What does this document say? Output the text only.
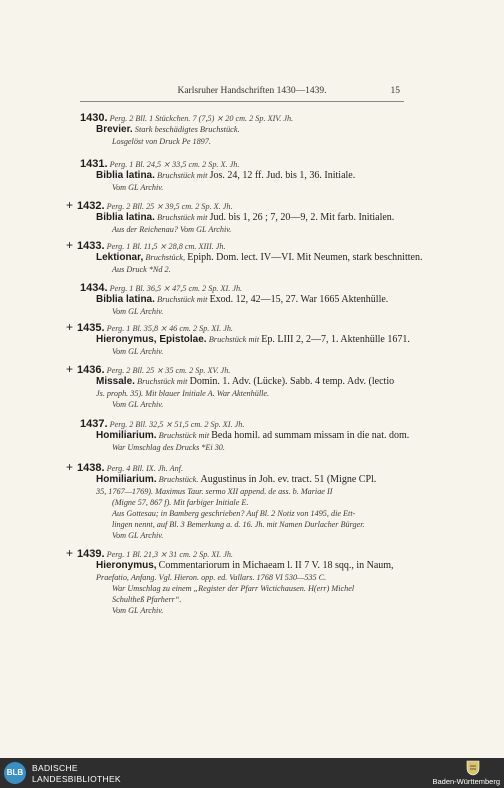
Karlsruher Handschriften 1430—1439.	15
1430. Perg. 2 Bll. 1 Stückchen. 7 (7,5) ⨯ 20 cm. 2 Sp. XIV. Jh.
Brevier. Stark beschädigtes Bruchstück.
Losgelöst von Druck Pe 1897.
1431. Perg. 1 Bl. 24,5 ⨯ 33,5 cm. 2 Sp. X. Jh.
Biblia latina. Bruchstück mit Jos. 24, 12 ff. Jud. bis 1, 36. Initiale.
Vom GL Archiv.
+ 1432. Perg. 2 Bll. 25 ⨯ 39,5 cm. 2 Sp. X. Jh.
Biblia latina. Bruchstück mit Jud. bis 1, 26 ; 7, 20—9, 2. Mit farb. Initialen.
Aus der Reichenau? Vom GL Archiv.
+ 1433. Perg. 1 Bl. 11,5 ⨯ 28,8 cm. XIII. Jh.
Lektionar, Bruchstück, Epiph. Dom. lect. IV—VI. Mit Neumen, stark beschnitten.
Aus Druck *Nd 2.
1434. Perg. 1 Bl. 36,5 ⨯ 47,5 cm. 2 Sp. XI. Jh.
Biblia latina. Bruchstück mit Exod. 12, 42—15, 27. War 1665 Aktenhülle.
Vom GL Archiv.
+ 1435. Perg. 1 Bl. 35,8 ⨯ 46 cm. 2 Sp. XI. Jh.
Hieronymus, Epistolae. Bruchstück mit Ep. LIII 2, 2—7, 1. Aktenhülle 1671.
Vom GL Archiv.
+ 1436. Perg. 2 Bll. 25 ⨯ 35 cm. 2 Sp. XV. Jh.
Missale. Bruchstück mit Domin. 1. Adv. (Lücke). Sabb. 4 temp. Adv. (lectio
Js. proph. 35). Mit blauer Initiale A. War Aktenhülle.
Vom GL Archiv.
1437. Perg. 2 Bll. 32,5 ⨯ 51,5 cm. 2 Sp. XI. Jh.
Homiliarium. Bruchstück mit Beda homil. ad summam missam in die nat. dom.
War Umschlag des Drucks *Ei 30.
+ 1438. Perg. 4 Bll. IX. Jh. Anf.
Homiliarium. Bruchstück. Augustinus in Joh. ev. tract. 51 (Migne CPl.
35, 1767—1769). Maximus Taur. sermo XII append. de ass. b. Mariae II
(Migne 57, 867 f). Mit farbiger Initiale E.
Aus Gottesau; in Bamberg geschrieben? Auf Bl. 2 Notiz von 1495, die Ett-
lingen nennt, auf Bl. 3 Bemerkung a. d. 16. Jh. mit Namen Durlacher Bürger.
Vom GL Archiv.
+ 1439. Perg. 1 Bl. 21,3 ⨯ 31 cm. 2 Sp. XI. Jh.
Hieronymus, Commentariorum in Michaeam l. II 7 V. 18 sqq., in Naum,
Praefatio, Anfang. Vgl. Hieron. opp. ed. Vallars. 1768 VI 530—535 C.
War Umschlag zu einem „Register der Pfarr Wictichausen. H(err) Michel
Schultheß Pfarherr“.
Vom GL Archiv.
BLB	BADISCHE
LANDESBIBLIOTHEK	Baden-Württemberg
